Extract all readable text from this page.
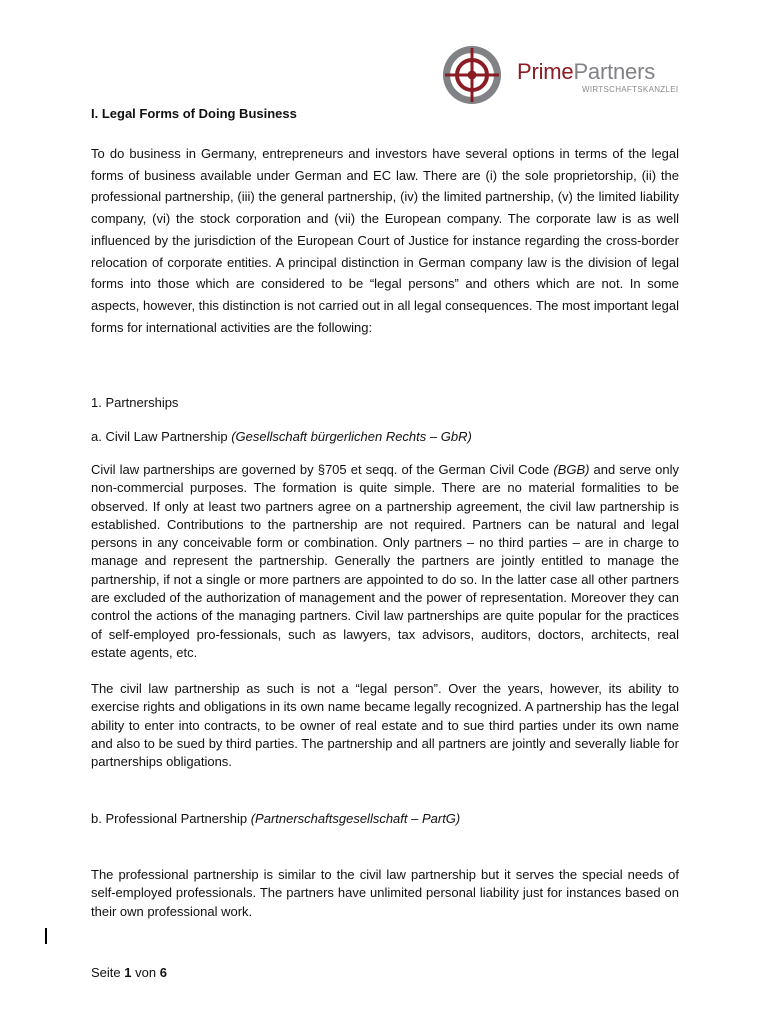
PrimePartners
WIRTSCHAFTSKANZLEI
I. Legal Forms of Doing Business

To do business in Germany, entrepreneurs and investors have several options in terms of the legal forms of business available under German and EC law. There are (i) the sole proprietorship, (ii) the professional partnership, (iii) the general partnership, (iv) the limited partnership, (v) the limited liability company, (vi) the stock corporation and (vii) the European company. The corporate law is as well influenced by the jurisdiction of the European Court of Justice for instance regarding the cross-border relocation of corporate entities. A principal distinction in German company law is the division of legal forms into those which are considered to be “legal persons” and others which are not. In some aspects, however, this distinction is not carried out in all legal consequences. The most important legal forms for international activities are the following:

1. Partnerships

a. Civil Law Partnership (Gesellschaft bürgerlichen Rechts – GbR)

Civil law partnerships are governed by §705 et seqq. of the German Civil Code (BGB) and serve only non-commercial purposes. The formation is quite simple. There are no material formalities to be observed. If only at least two partners agree on a partnership agreement, the civil law partnership is established. Contributions to the partnership are not required. Partners can be natural and legal persons in any conceivable form or combination. Only partners – no third parties – are in charge to manage and represent the partnership. Generally the partners are jointly entitled to manage the partnership, if not a single or more partners are appointed to do so. In the latter case all other partners are excluded of the authorization of management and the power of representation. Moreover they can control the actions of the managing partners. Civil law partnerships are quite popular for the practices of self-employed pro-fessionals, such as lawyers, tax advisors, auditors, doctors, architects, real estate agents, etc.

The civil law partnership as such is not a “legal person”. Over the years, however, its ability to exercise rights and obligations in its own name became legally recognized. A partnership has the legal ability to enter into contracts, to be owner of real estate and to sue third parties under its own name and also to be sued by third parties. The partnership and all partners are jointly and severally liable for partnerships obligations.

b. Professional Partnership (Partnerschaftsgesellschaft – PartG)

The professional partnership is similar to the civil law partnership but it serves the special needs of self-employed professionals. The partners have unlimited personal liability just for instances based on their own professional work.

Seite 1 von 6
